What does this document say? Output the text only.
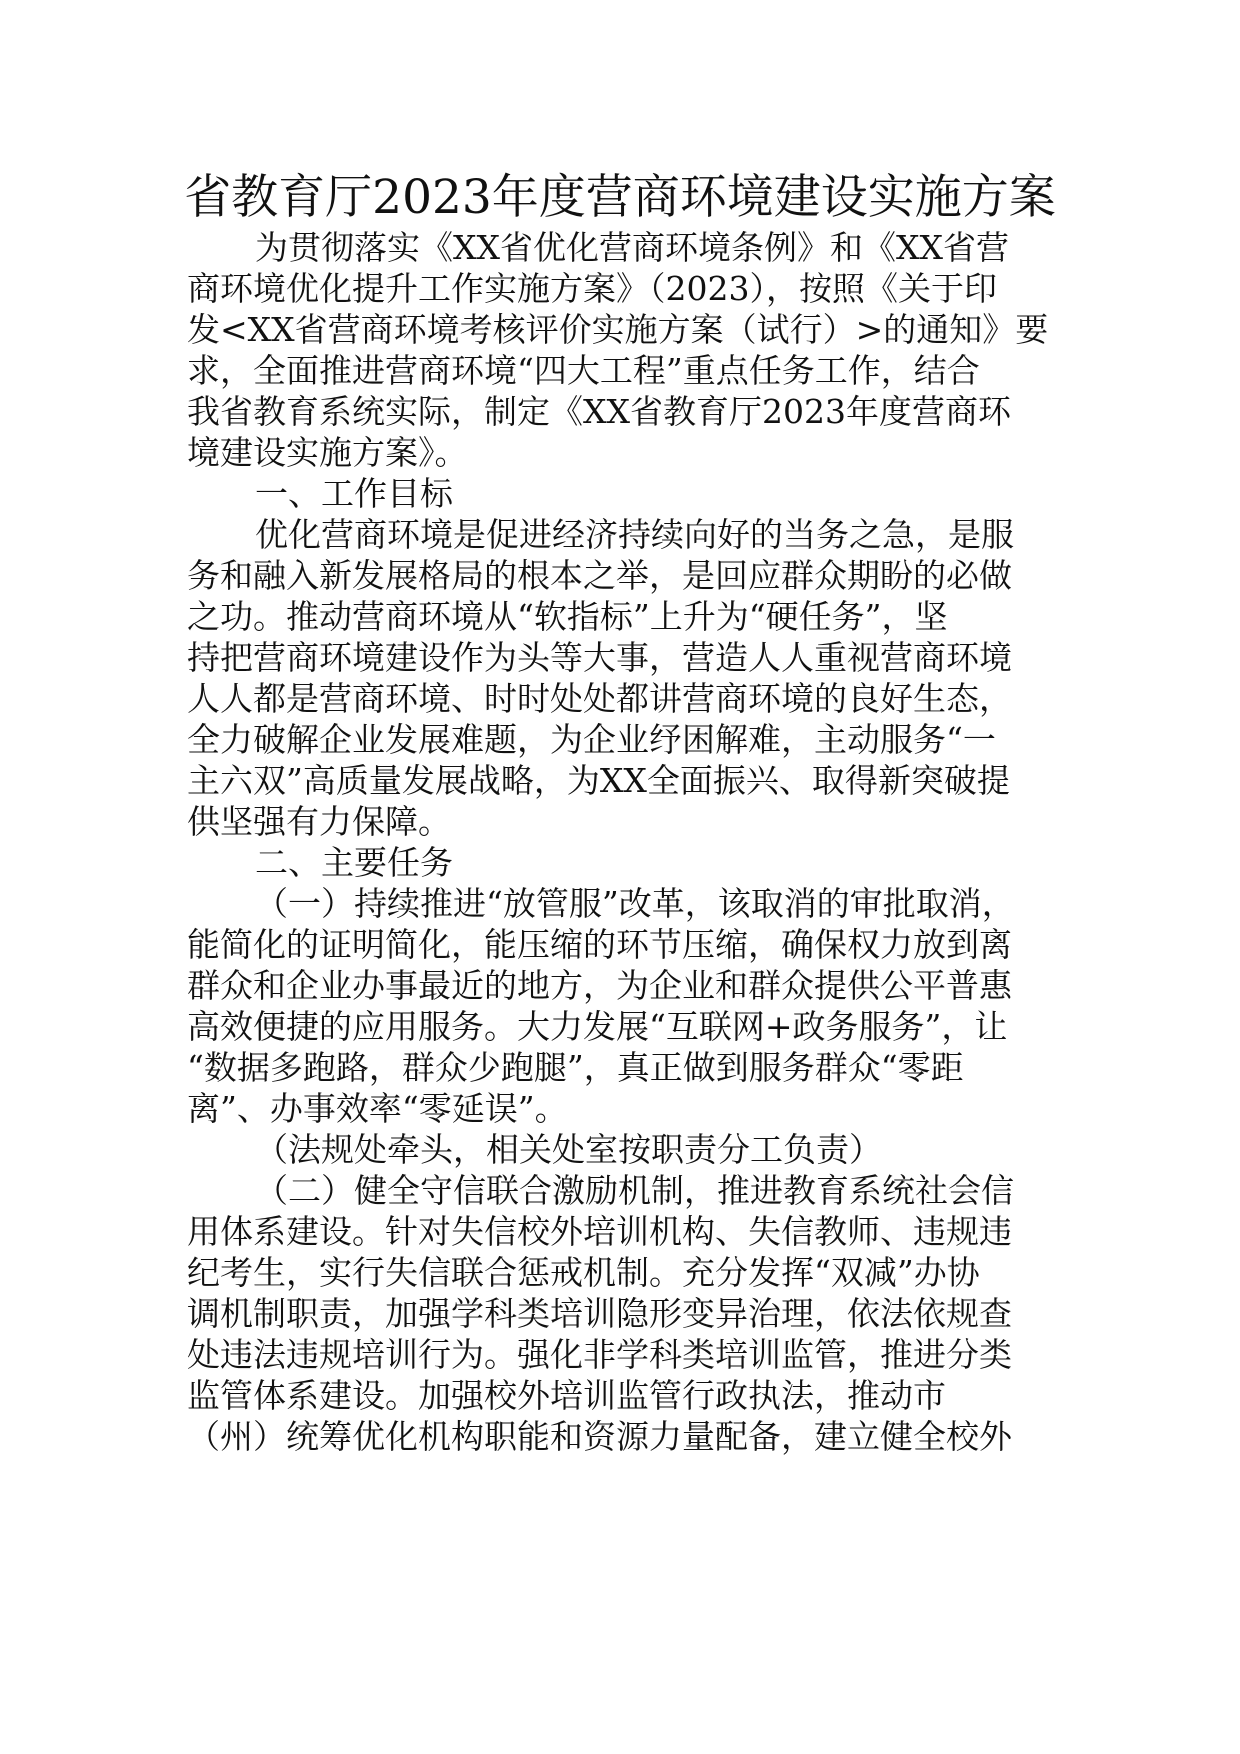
省教育厅2023年度营商环境建设实施方案
为贯彻落实《XX省优化营商环境条例》和《XX省营
商环境优化提升工作实施方案》（2023），按照《关于印
发<XX省营商环境考核评价实施方案（试行）>的通知》要
求，全面推进营商环境“四大工程”重点任务工作，结合
我省教育系统实际，制定《XX省教育厅2023年度营商环
境建设实施方案》。
一、工作目标
优化营商环境是促进经济持续向好的当务之急，是服
务和融入新发展格局的根本之举，是回应群众期盼的必做
之功。推动营商环境从“软指标”上升为“硬任务”，坚
持把营商环境建设作为头等大事，营造人人重视营商环境
人人都是营商环境、时时处处都讲营商环境的良好生态，
全力破解企业发展难题，为企业纾困解难，主动服务“一
主六双”高质量发展战略，为XX全面振兴、取得新突破提
供坚强有力保障。
二、主要任务
（一）持续推进“放管服”改革，该取消的审批取消，
能简化的证明简化，能压缩的环节压缩，确保权力放到离
群众和企业办事最近的地方，为企业和群众提供公平普惠
高效便捷的应用服务。大力发展“互联网+政务服务”，让
“数据多跑路，群众少跑腿”，真正做到服务群众“零距
离”、办事效率“零延误”。
（法规处牵头，相关处室按职责分工负责）
（二）健全守信联合激励机制，推进教育系统社会信
用体系建设。针对失信校外培训机构、失信教师、违规违
纪考生，实行失信联合惩戒机制。充分发挥“双减”办协
调机制职责，加强学科类培训隐形变异治理，依法依规查
处违法违规培训行为。强化非学科类培训监管，推进分类
监管体系建设。加强校外培训监管行政执法，推动市
（州）统筹优化机构职能和资源力量配备，建立健全校外
